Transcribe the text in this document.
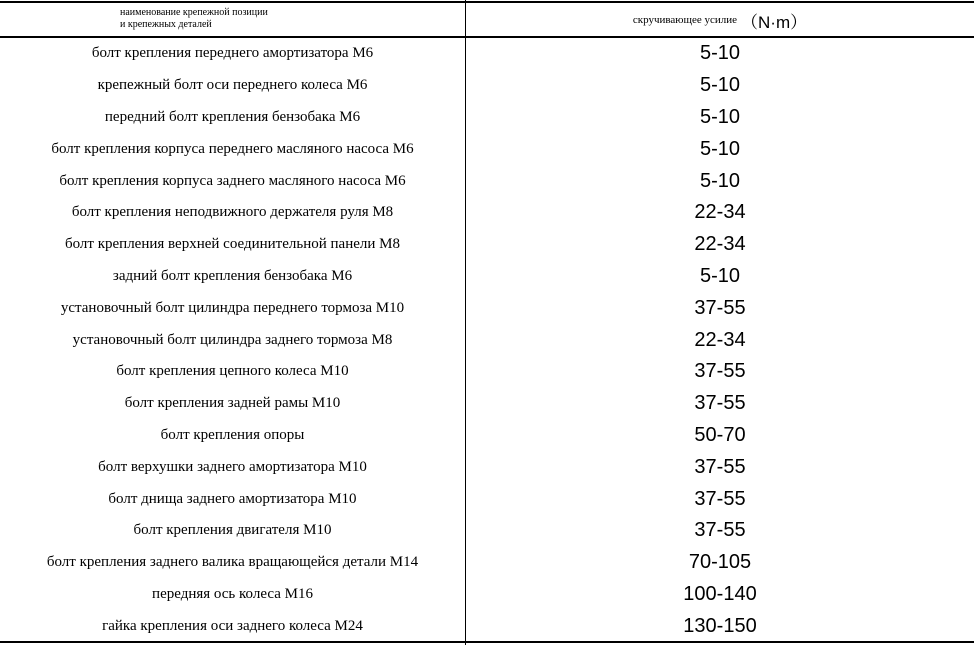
наименование крепежной позиции
и крепежных деталей	скручивающее усилие （N·m）
болт крепления переднего амортизатора M6	5-10
крепежный болт оси переднего колеса M6	5-10
передний болт крепления бензобака M6	5-10
болт крепления корпуса переднего масляного насоса M6	5-10
болт крепления корпуса заднего масляного насоса M6	5-10
болт крепления неподвижного держателя руля M8	22-34
болт крепления верхней соединительной панели M8	22-34
задний болт крепления бензобака M6	5-10
установочный болт цилиндра переднего тормоза M10	37-55
установочный болт цилиндра заднего тормоза M8	22-34
болт крепления цепного колеса M10	37-55
болт крепления задней рамы M10	37-55
болт крепления опоры	50-70
болт верхушки заднего амортизатора M10	37-55
болт днища заднего амортизатора M10	37-55
болт крепления двигателя M10	37-55
болт крепления заднего валика вращающейся детали M14	70-105
передняя ось колеса M16	100-140
гайка крепления оси заднего колеса M24	130-150
